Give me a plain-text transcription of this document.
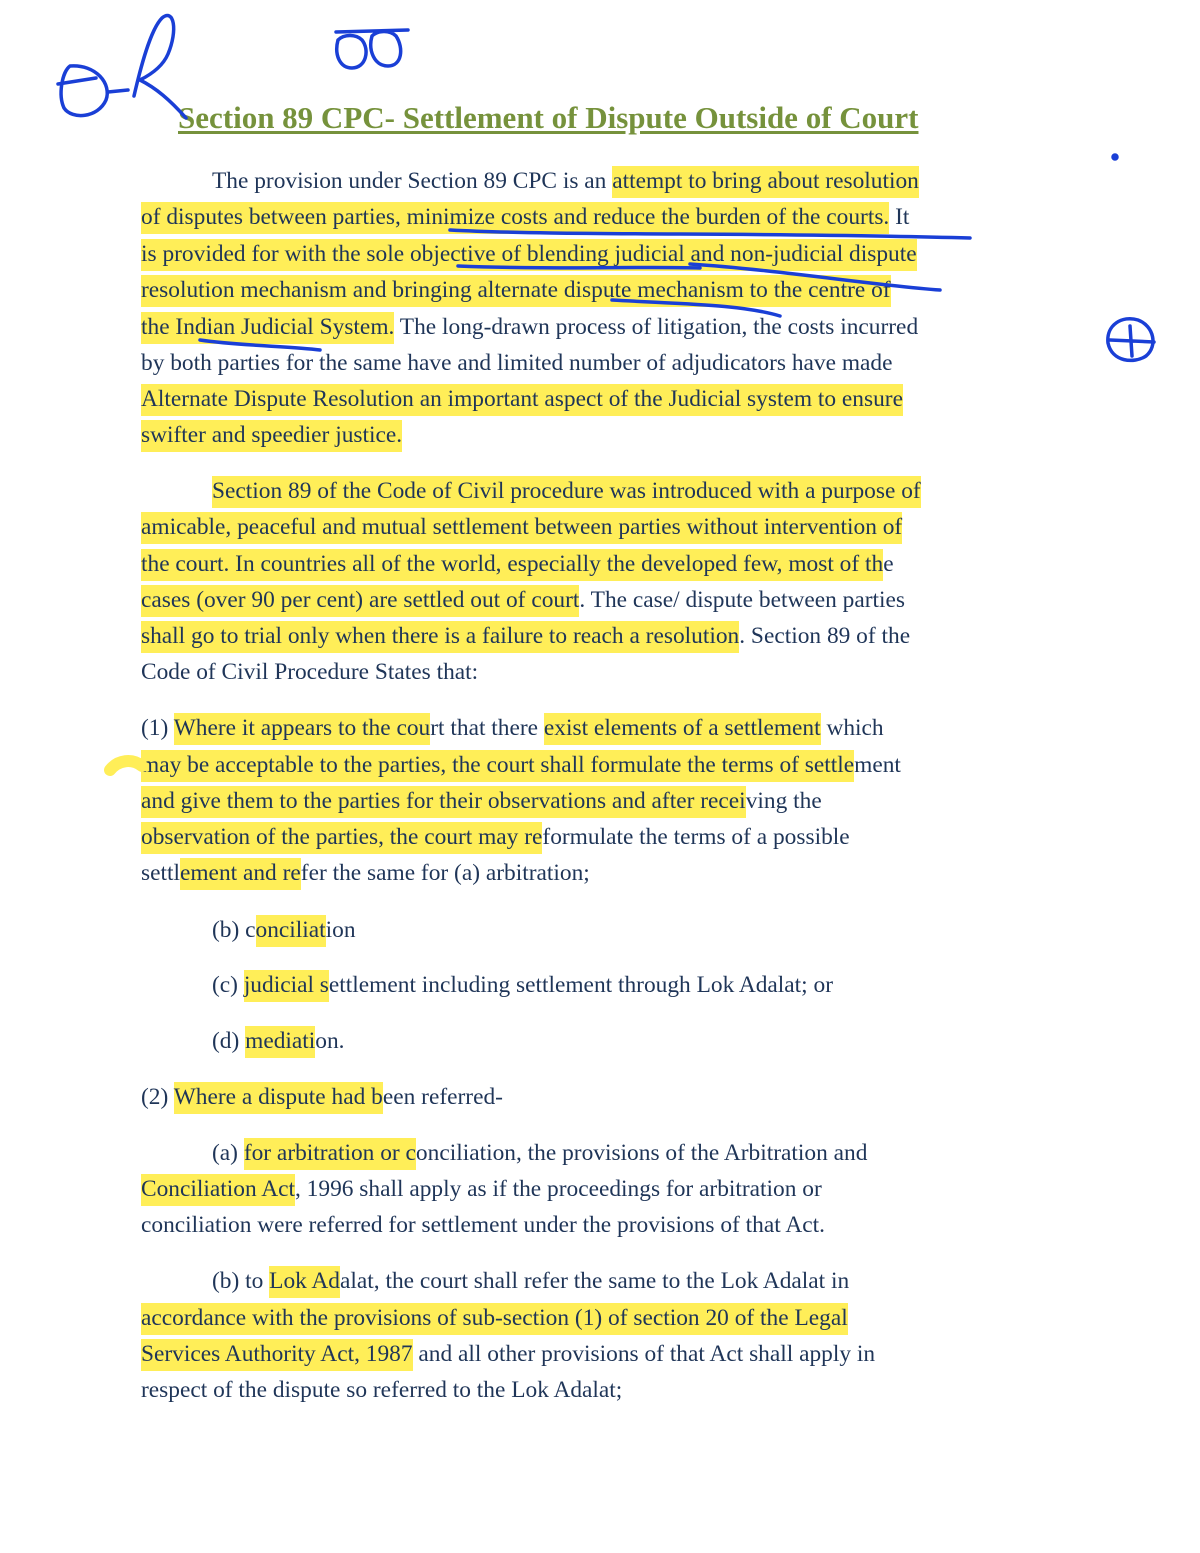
Section 89 CPC- Settlement of Dispute Outside of Court

The provision under Section 89 CPC is an attempt to bring about resolution

of disputes between parties, minimize costs and reduce the burden of the courts. It

is provided for with the sole objective of blending judicial and non-judicial dispute

resolution mechanism and bringing alternate dispute mechanism to the centre of

the Indian Judicial System. The long-drawn process of litigation, the costs incurred

by both parties for the same have and limited number of adjudicators have made

Alternate Dispute Resolution an important aspect of the Judicial system to ensure

swifter and speedier justice.

Section 89 of the Code of Civil procedure was introduced with a purpose of

amicable, peaceful and mutual settlement between parties without intervention of

the court. In countries all of the world, especially the developed few, most of the

cases (over 90 per cent) are settled out of court. The case/ dispute between parties

shall go to trial only when there is a failure to reach a resolution. Section 89 of the

Code of Civil Procedure States that:

(1) Where it appears to the court that there exist elements of a settlement which

may be acceptable to the parties, the court shall formulate the terms of settlement

and give them to the parties for their observations and after receiving the

observation of the parties, the court may reformulate the terms of a possible

settlement and refer the same for (a) arbitration;

(b) conciliation

(c) judicial settlement including settlement through Lok Adalat; or

(d) mediation.

(2) Where a dispute had been referred-

(a) for arbitration or conciliation, the provisions of the Arbitration and

Conciliation Act, 1996 shall apply as if the proceedings for arbitration or

conciliation were referred for settlement under the provisions of that Act.

(b) to Lok Adalat, the court shall refer the same to the Lok Adalat in

accordance with the provisions of sub-section (1) of section 20 of the Legal

Services Authority Act, 1987 and all other provisions of that Act shall apply in

respect of the dispute so referred to the Lok Adalat;
